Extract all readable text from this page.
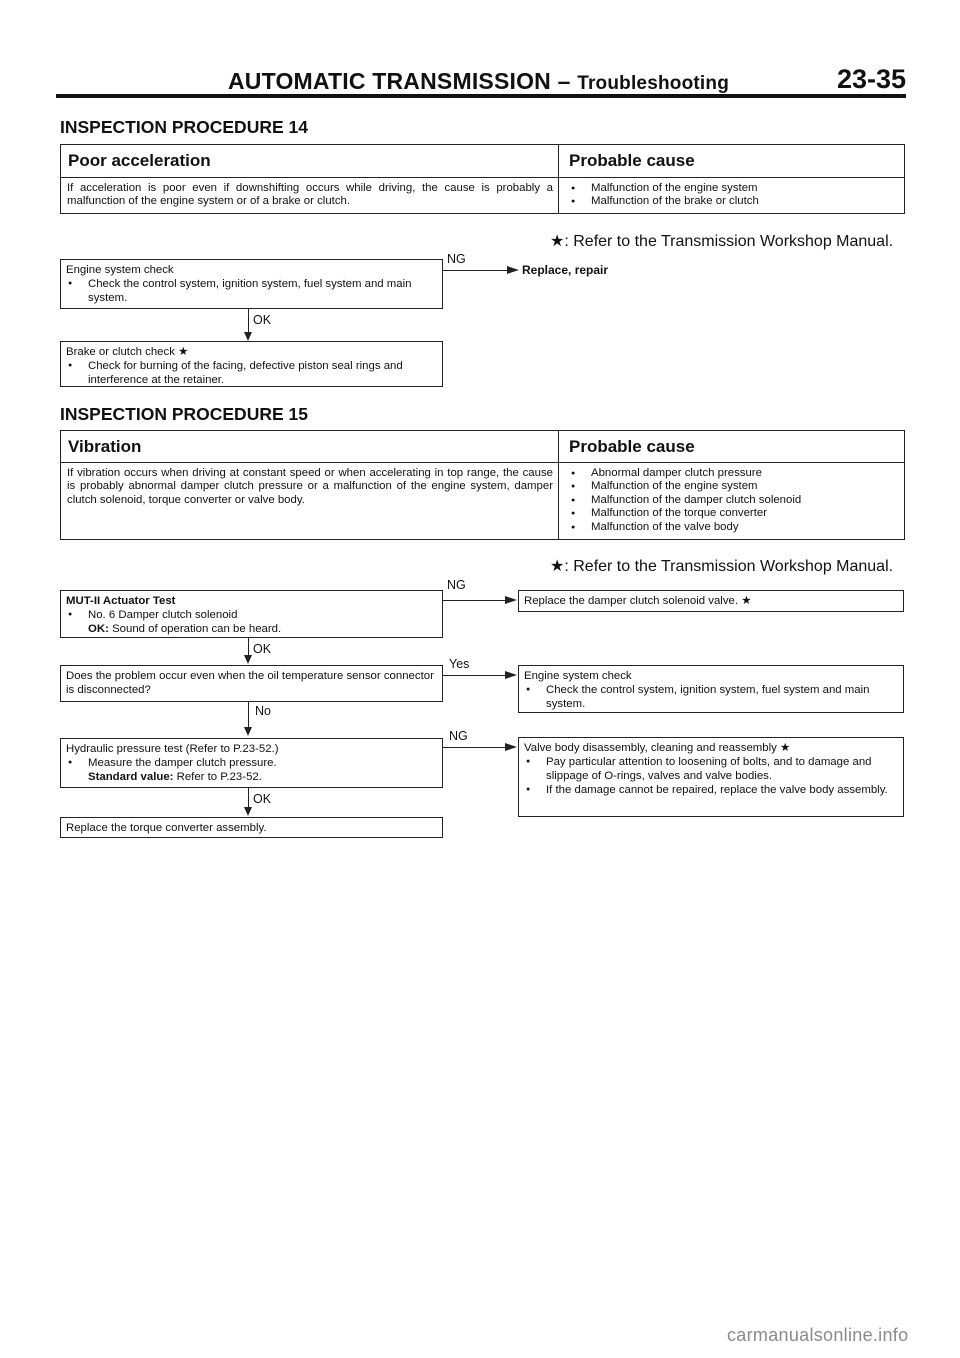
AUTOMATIC TRANSMISSION – Troubleshooting	23-35
INSPECTION PROCEDURE 14
Poor acceleration	Probable cause
If acceleration is poor even if downshifting occurs while driving, the cause is probably a malfunction of the engine system or of a brake or clutch.
● Malfunction of the engine system
● Malfunction of the brake or clutch
★: Refer to the Transmission Workshop Manual.
Engine system check
● Check the control system, ignition system, fuel system and main system.
NG
Replace, repair
OK
Brake or clutch check ★
● Check for burning of the facing, defective piston seal rings and interference at the retainer.
INSPECTION PROCEDURE 15
Vibration	Probable cause
If vibration occurs when driving at constant speed or when accelerating in top range, the cause is probably abnormal damper clutch pressure or a malfunction of the engine system, damper clutch solenoid, torque converter or valve body.
● Abnormal damper clutch pressure
● Malfunction of the engine system
● Malfunction of the damper clutch solenoid
● Malfunction of the torque converter
● Malfunction of the valve body
★: Refer to the Transmission Workshop Manual.
MUT-II Actuator Test
● No. 6 Damper clutch solenoid
OK: Sound of operation can be heard.
NG
Replace the damper clutch solenoid valve. ★
OK
Does the problem occur even when the oil temperature sensor connector is disconnected?
Yes
Engine system check
● Check the control system, ignition system, fuel system and main system.
No
Hydraulic pressure test (Refer to P.23-52.)
● Measure the damper clutch pressure.
Standard value: Refer to P.23-52.
NG
Valve body disassembly, cleaning and reassembly ★
● Pay particular attention to loosening of bolts, and to damage and slippage of O-rings, valves and valve bodies.
● If the damage cannot be repaired, replace the valve body assembly.
OK
Replace the torque converter assembly.
carmanualsonline.info
